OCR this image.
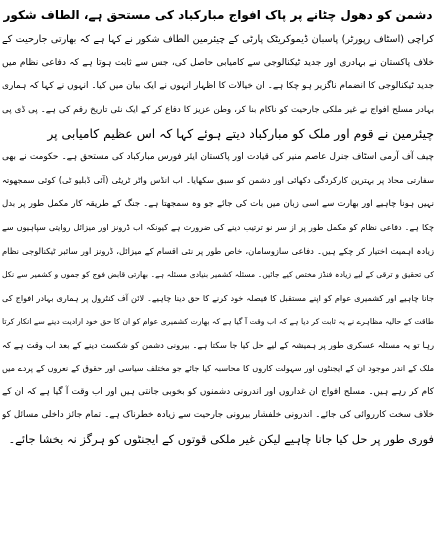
دشمن کو دھول چٹانے پر پاک افواج مبارکباد کی مستحق ہے، الطاف شکور
کراچی (اسٹاف رپورٹر) پاسبان ڈیموکریٹک پارٹی کے چیئرمین الطاف شکور نے کہا ہے کہ بھارتی جارحیت کے
خلاف پاکستان نے بہادری اور جدید ٹیکنالوجی سے کامیابی حاصل کی، جس سے ثابت ہوتا ہے کہ دفاعی نظام میں
جدید ٹیکنالوجی کا انضمام ناگزیر ہو چکا ہے۔ ان خیالات کا اظہار انہوں نے ایک بیان میں کیا۔ انہوں نے کہا کہ ہماری
بہادر مسلح افواج نے غیر ملکی جارحیت کو ناکام بنا کر، وطن عزیز کا دفاع کر کے ایک نئی تاریخ رقم کی ہے۔ پی ڈی پی
چیئرمین نے قوم اور ملک کو مبارکباد دیتے ہوئے کہا کہ اس عظیم کامیابی پر
چیف آف آرمی اسٹاف جنرل عاصم منیر کی قیادت اور پاکستان ایئر فورس مبارکباد کی مستحق ہے۔ حکومت نے بھی
سفارتی محاذ پر بہترین کارکردگی دکھائی اور دشمن کو سبق سکھایا۔ اب انڈس واٹر ٹریٹی (آئی ڈبلیو ٹی) کوئی سمجھوتہ
نہیں ہونا چاہیے اور بھارت سے اسی زبان میں بات کی جائے جو وہ سمجھتا ہے۔ جنگ کے طریقہ کار مکمل طور پر بدل
چکا ہے۔ دفاعی نظام کو مکمل طور پر از سر نو ترتیب دینے کی ضرورت ہے کیونکہ اب ڈرونز اور میزائل روایتی سپاہیوں سے
زیادہ اہمیت اختیار کر چکے ہیں۔ دفاعی سازوسامان، خاص طور پر نئی اقسام کے میزائل، ڈرونز اور سائبر ٹیکنالوجی نظام
کی تحقیق و ترقی کے لیے زیادہ فنڈز مختص کیے جائیں۔ مسئلہ کشمیر بنیادی مسئلہ ہے۔ بھارتی قابض فوج کو جموں و کشمیر سے نکل
جانا چاہیے اور کشمیری عوام کو اپنے مستقبل کا فیصلہ خود کرنے کا حق دینا چاہیے۔ لائن آف کنٹرول پر ہماری بہادر افواج کی
طاقت کے حالیہ مظاہرے نے یہ ثابت کر دیا ہے کہ اب وقت آ گیا ہے کہ بھارت کشمیری عوام کو ان کا حق خود ارادیت دینے سے انکار کرتا
رہا تو یہ مسئلہ عسکری طور پر ہمیشہ کے لیے حل کیا جا سکتا ہے۔ بیرونی دشمن کو شکست دینے کے بعد اب وقت ہے کہ
ملک کے اندر موجود ان کے ایجنٹوں اور سہولت کاروں کا محاسبہ کیا جائے جو مختلف سیاسی اور حقوق کے نعروں کے پردے میں
کام کر رہے ہیں۔ مسلح افواج ان غداروں اور اندرونی دشمنوں کو بخوبی جانتی ہیں اور اب وقت آ گیا ہے کہ ان کے
خلاف سخت کارروائی کی جائے۔ اندرونی خلفشار بیرونی جارحیت سے زیادہ خطرناک ہے۔ تمام جائز داخلی مسائل کو
فوری طور پر حل کیا جانا چاہیے لیکن غیر ملکی قوتوں کے ایجنٹوں کو ہرگز نہ بخشا جائے۔
